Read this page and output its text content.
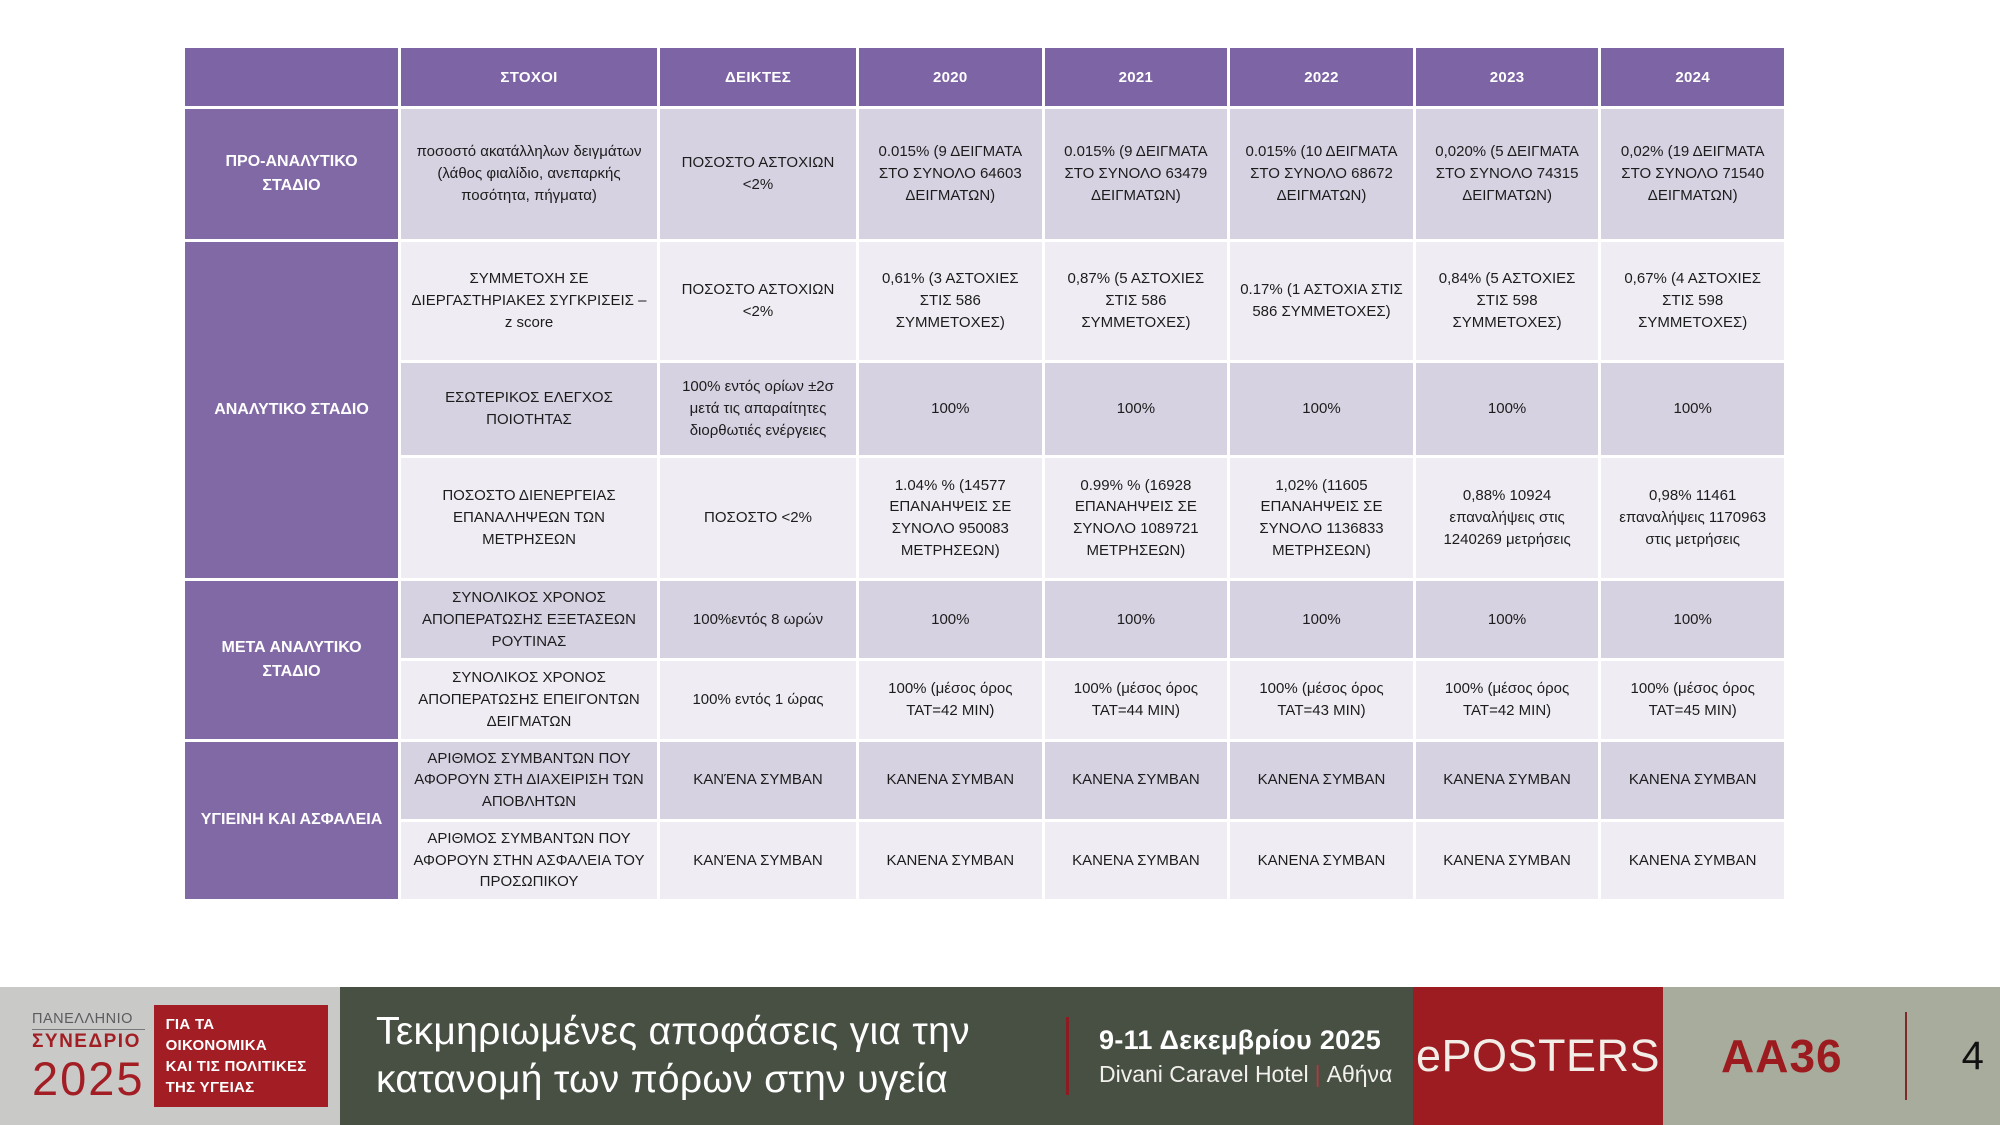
	ΣΤΟΧΟΙ	ΔΕΙΚΤΕΣ	2020	2021	2022	2023	2024
ΠΡΟ-ΑΝΑΛΥΤΙΚΟ ΣΤΑΔΙΟ	ποσοστό ακατάλληλων δειγμάτων (λάθος φιαλίδιο, ανεπαρκής ποσότητα, πήγματα)	ΠΟΣΟΣΤΟ ΑΣΤΟΧΙΩΝ <2%	0.015% (9 ΔΕΙΓΜΑΤΑ ΣΤΟ ΣΥΝΟΛΟ 64603 ΔΕΙΓΜΑΤΩΝ)	0.015% (9 ΔΕΙΓΜΑΤΑ ΣΤΟ ΣΥΝΟΛΟ 63479 ΔΕΙΓΜΑΤΩΝ)	0.015% (10 ΔΕΙΓΜΑΤΑ ΣΤΟ ΣΥΝΟΛΟ 68672 ΔΕΙΓΜΑΤΩΝ)	0,020% (5 ΔΕΙΓΜΑΤΑ ΣΤΟ ΣΥΝΟΛΟ 74315 ΔΕΙΓΜΑΤΩΝ)	0,02% (19 ΔΕΙΓΜΑΤΑ ΣΤΟ ΣΥΝΟΛΟ 71540 ΔΕΙΓΜΑΤΩΝ)
ΑΝΑΛΥΤΙΚΟ ΣΤΑΔΙΟ	ΣΥΜΜΕΤΟΧΗ ΣΕ ΔΙΕΡΓΑΣΤΗΡΙΑΚΕΣ ΣΥΓΚΡΙΣΕΙΣ – z score	ΠΟΣΟΣΤΟ ΑΣΤΟΧΙΩΝ <2%	0,61% (3 ΑΣΤΟΧΙΕΣ ΣΤΙΣ 586 ΣΥΜΜΕΤΟΧΕΣ)	0,87% (5 ΑΣΤΟΧΙΕΣ ΣΤΙΣ 586 ΣΥΜΜΕΤΟΧΕΣ)	0.17% (1 ΑΣΤΟΧΙΑ ΣΤΙΣ 586 ΣΥΜΜΕΤΟΧΕΣ)	0,84% (5 ΑΣΤΟΧΙΕΣ ΣΤΙΣ 598 ΣΥΜΜΕΤΟΧΕΣ)	0,67% (4 ΑΣΤΟΧΙΕΣ ΣΤΙΣ 598 ΣΥΜΜΕΤΟΧΕΣ)
	ΕΣΩΤΕΡΙΚΟΣ ΕΛΕΓΧΟΣ ΠΟΙΟΤΗΤΑΣ	100% εντός ορίων ±2σ μετά τις απαραίτητες διορθωτιές ενέργειες	100%	100%	100%	100%	100%
	ΠΟΣΟΣΤΟ ΔΙΕΝΕΡΓΕΙΑΣ ΕΠΑΝΑΛΗΨΕΩΝ ΤΩΝ ΜΕΤΡΗΣΕΩΝ	ΠΟΣΟΣΤΟ <2%	1.04% % (14577 ΕΠΑΝΑΗΨΕΙΣ ΣΕ ΣΥΝΟΛΟ 950083 ΜΕΤΡΗΣΕΩΝ)	0.99% % (16928 ΕΠΑΝΑΗΨΕΙΣ ΣΕ ΣΥΝΟΛΟ 1089721 ΜΕΤΡΗΣΕΩΝ)	1,02% (11605 ΕΠΑΝΑΗΨΕΙΣ ΣΕ ΣΥΝΟΛΟ 1136833 ΜΕΤΡΗΣΕΩΝ)	0,88% 10924 επαναλήψεις στις 1240269 μετρήσεις	0,98% 11461 επαναλήψεις 1170963 στις μετρήσεις
ΜΕΤΑ ΑΝΑΛΥΤΙΚΟ ΣΤΑΔΙΟ	ΣΥΝΟΛΙΚΟΣ ΧΡΟΝΟΣ ΑΠΟΠΕΡΑΤΩΣΗΣ ΕΞΕΤΑΣΕΩΝ ΡΟΥΤΙΝΑΣ	100%εντός 8 ωρών	100%	100%	100%	100%	100%
	ΣΥΝΟΛΙΚΟΣ ΧΡΟΝΟΣ ΑΠΟΠΕΡΑΤΩΣΗΣ ΕΠΕΙΓΟΝΤΩΝ ΔΕΙΓΜΑΤΩΝ	100% εντός 1 ώρας	100% (μέσος όρος TAT=42 MIN)	100% (μέσος όρος TAT=44 MIN)	100% (μέσος όρος TAT=43 MIN)	100% (μέσος όρος TAT=42 MIN)	100% (μέσος όρος TAT=45 MIN)
ΥΓΙΕΙΝΗ ΚΑΙ ΑΣΦΑΛΕΙΑ	ΑΡΙΘΜΟΣ ΣΥΜΒΑΝΤΩΝ ΠΟΥ ΑΦΟΡΟΥΝ ΣΤΗ ΔΙΑΧΕΙΡΙΣΗ ΤΩΝ ΑΠΟΒΛΗΤΩΝ	ΚΑΝΈΝΑ ΣΥΜΒΑΝ	ΚΑΝΕΝΑ ΣΥΜΒΑΝ	ΚΑΝΕΝΑ ΣΥΜΒΑΝ	ΚΑΝΕΝΑ ΣΥΜΒΑΝ	ΚΑΝΕΝΑ ΣΥΜΒΑΝ	ΚΑΝΕΝΑ ΣΥΜΒΑΝ
	ΑΡΙΘΜΟΣ ΣΥΜΒΑΝΤΩΝ ΠΟΥ ΑΦΟΡΟΥΝ ΣΤΗΝ ΑΣΦΑΛΕΙΑ ΤΟΥ ΠΡΟΣΩΠΙΚΟΥ	ΚΑΝΈΝΑ ΣΥΜΒΑΝ	ΚΑΝΕΝΑ ΣΥΜΒΑΝ	ΚΑΝΕΝΑ ΣΥΜΒΑΝ	ΚΑΝΕΝΑ ΣΥΜΒΑΝ	ΚΑΝΕΝΑ ΣΥΜΒΑΝ	ΚΑΝΕΝΑ ΣΥΜΒΑΝ
ΠΑΝΕΛΛΗΝΙΟ
ΣΥΝΕΔΡΙΟ
2025
ΓΙΑ ΤΑ ΟΙΚΟΝΟΜΙΚΑ
ΚΑΙ ΤΙΣ ΠΟΛΙΤΙΚΕΣ
ΤΗΣ ΥΓΕΙΑΣ
Τεκμηριωμένες αποφάσεις για την
κατανομή των πόρων στην υγεία
9-11 Δεκεμβρίου 2025
Divani Caravel Hotel | Αθήνα ePOSTERS AA36	4
